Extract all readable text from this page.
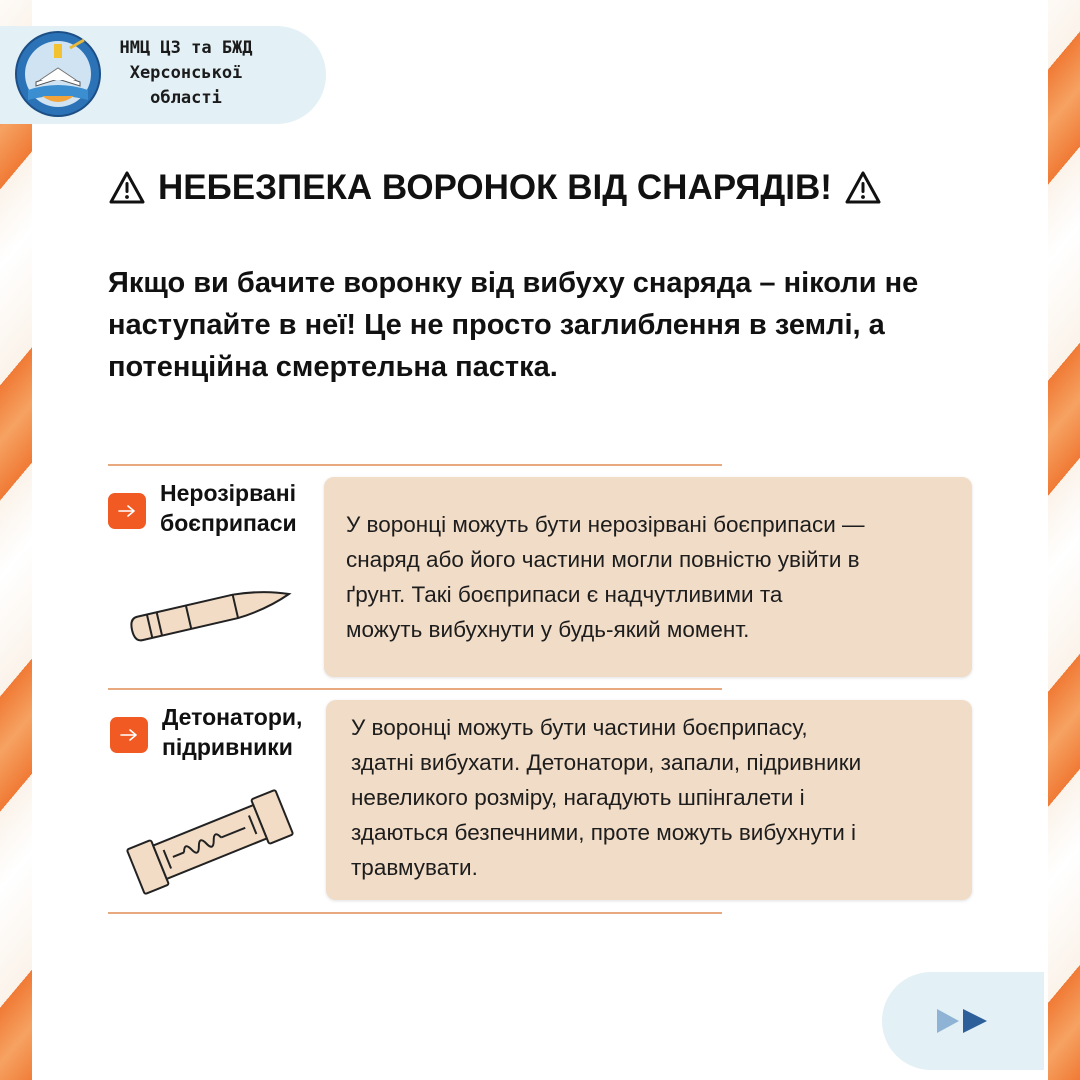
НМЦ ЦЗ та БЖД
Херсонської
області
НЕБЕЗПЕКА ВОРОНОК ВІД СНАРЯДІВ!
Якщо ви бачите воронку від вибуху снаряда – ніколи не наступайте в неї! Це не просто заглиблення в землі, а потенційна смертельна пастка.
Нерозірвані
боєприпаси У воронці можуть бути нерозірвані боєприпаси —
снаряд або його частини могли повністю увійти в
ґрунт. Такі боєприпаси є надчутливими та
можуть вибухнути у будь-який момент.
Детонатори,
підривники
У воронці можуть бути частини боєприпасу,
здатні вибухати. Детонатори, запали, підривники
невеликого розміру, нагадують шпінгалети і
здаються безпечними, проте можуть вибухнути і
травмувати.
